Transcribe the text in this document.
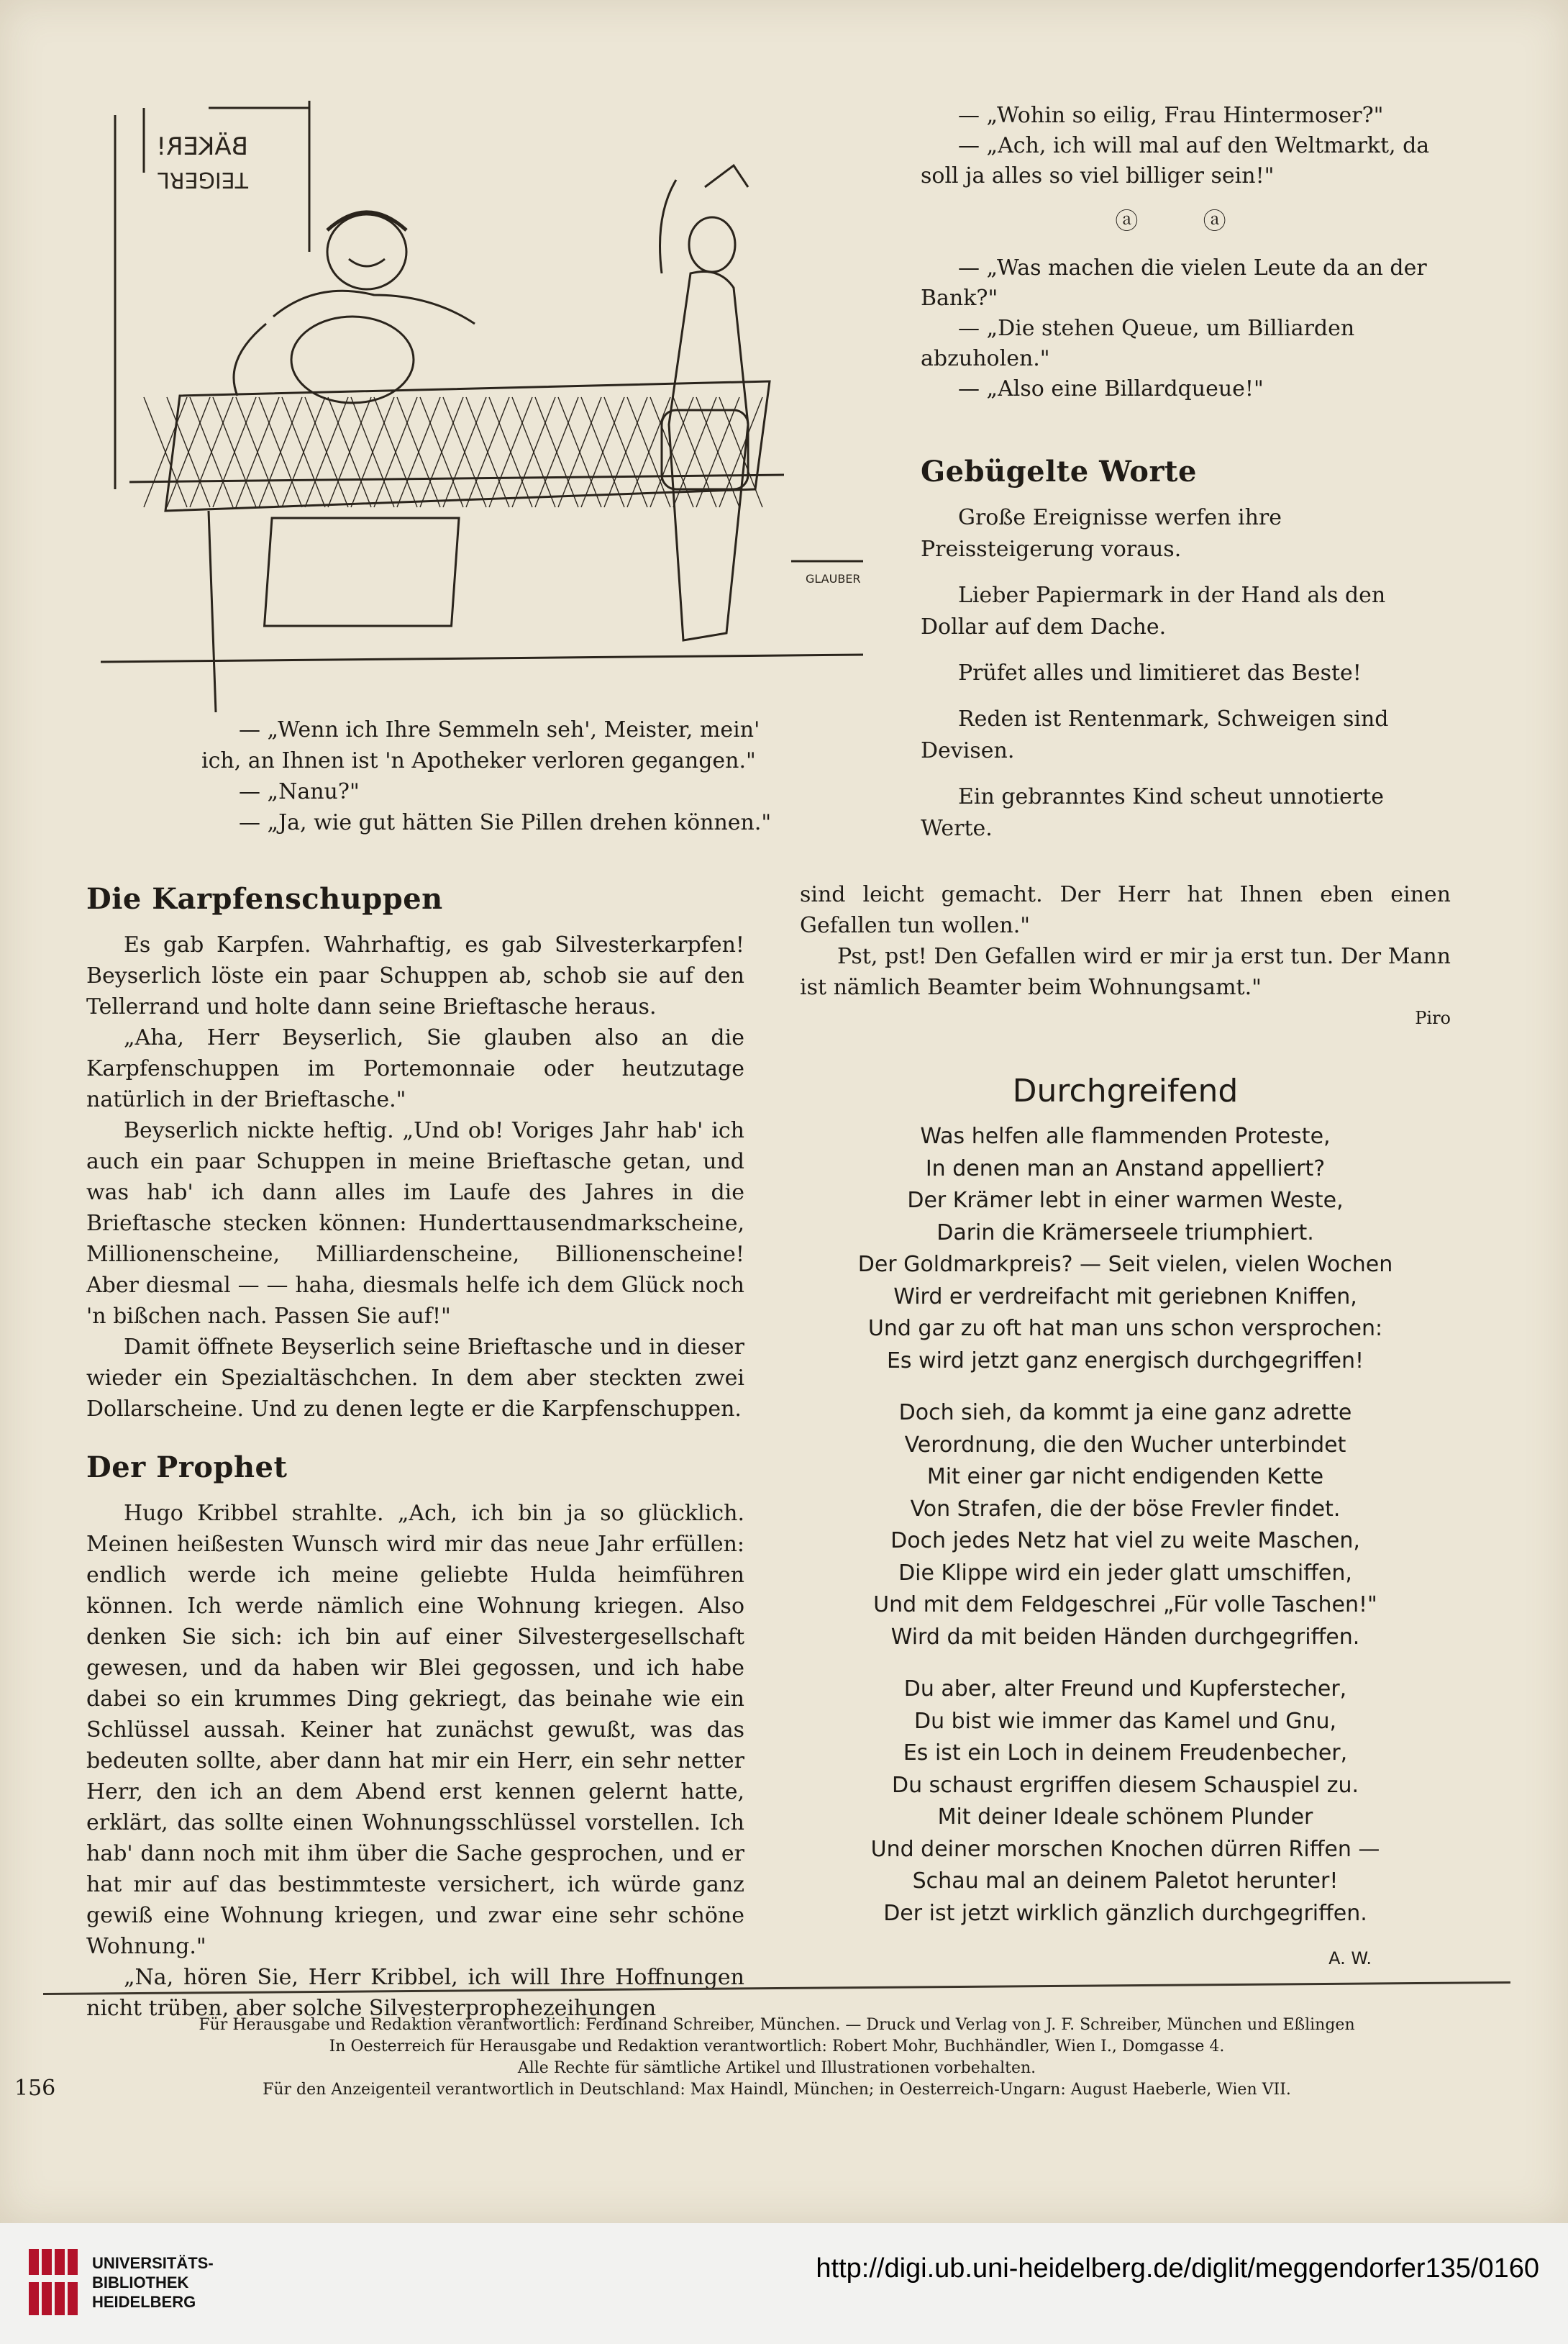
BÄKER!
TEIGERL
GLAUBER

— „Wenn ich Ihre Semmeln seh', Meister, mein' ich, an Ihnen ist 'n Apotheker verloren gegangen."

— „Nanu?"

— „Ja, wie gut hätten Sie Pillen drehen können."

— „Wohin so eilig, Frau Hintermoser?"

— „Ach, ich will mal auf den Weltmarkt, da soll ja alles so viel billiger sein!"

ⓐ ⓐ

— „Was machen die vielen Leute da an der Bank?"

— „Die stehen Queue, um Billiarden abzuholen."

— „Also eine Billardqueue!"

Gebügelte Worte

Große Ereignisse werfen ihre Preissteigerung voraus.

Lieber Papiermark in der Hand als den Dollar auf dem Dache.

Prüfet alles und limitieret das Beste!

Reden ist Rentenmark, Schweigen sind Devisen.

Ein gebranntes Kind scheut unnotierte Werte.

Die Karpfenschuppen

Es gab Karpfen. Wahrhaftig, es gab Silvesterkarpfen! Beyserlich löste ein paar Schuppen ab, schob sie auf den Tellerrand und holte dann seine Brieftasche heraus.

„Aha, Herr Beyserlich, Sie glauben also an die Karpfenschuppen im Portemonnaie oder heutzutage natürlich in der Brieftasche."

Beyserlich nickte heftig. „Und ob! Voriges Jahr hab' ich auch ein paar Schuppen in meine Brieftasche getan, und was hab' ich dann alles im Laufe des Jahres in die Brieftasche stecken können: Hunderttausendmarkscheine, Millionenscheine, Milliardenscheine, Billionenscheine! Aber diesmal — — haha, diesmals helfe ich dem Glück noch 'n bißchen nach. Passen Sie auf!"

Damit öffnete Beyserlich seine Brieftasche und in dieser wieder ein Spezialtäschchen. In dem aber steckten zwei Dollarscheine. Und zu denen legte er die Karpfenschuppen.

Der Prophet

Hugo Kribbel strahlte. „Ach, ich bin ja so glücklich. Meinen heißesten Wunsch wird mir das neue Jahr erfüllen: endlich werde ich meine geliebte Hulda heimführen können. Ich werde nämlich eine Wohnung kriegen. Also denken Sie sich: ich bin auf einer Silvestergesellschaft gewesen, und da haben wir Blei gegossen, und ich habe dabei so ein krummes Ding gekriegt, das beinahe wie ein Schlüssel aussah. Keiner hat zunächst gewußt, was das bedeuten sollte, aber dann hat mir ein Herr, ein sehr netter Herr, den ich an dem Abend erst kennen gelernt hatte, erklärt, das sollte einen Wohnungsschlüssel vorstellen. Ich hab' dann noch mit ihm über die Sache gesprochen, und er hat mir auf das bestimmteste versichert, ich würde ganz gewiß eine Wohnung kriegen, und zwar eine sehr schöne Wohnung."

„Na, hören Sie, Herr Kribbel, ich will Ihre Hoffnungen nicht trüben, aber solche Silvesterprophezeihungen

sind leicht gemacht. Der Herr hat Ihnen eben einen Gefallen tun wollen."

Pst, pst! Den Gefallen wird er mir ja erst tun. Der Mann ist nämlich Beamter beim Wohnungsamt."

Piro

Durchgreifend

Was helfen alle flammenden Proteste,

In denen man an Anstand appelliert?

Der Krämer lebt in einer warmen Weste,

Darin die Krämerseele triumphiert.

Der Goldmarkpreis? — Seit vielen, vielen Wochen

Wird er verdreifacht mit geriebnen Kniffen,

Und gar zu oft hat man uns schon versprochen:

Es wird jetzt ganz energisch durchgegriffen!

Doch sieh, da kommt ja eine ganz adrette

Verordnung, die den Wucher unterbindet

Mit einer gar nicht endigenden Kette

Von Strafen, die der böse Frevler findet.

Doch jedes Netz hat viel zu weite Maschen,

Die Klippe wird ein jeder glatt umschiffen,

Und mit dem Feldgeschrei „Für volle Taschen!"

Wird da mit beiden Händen durchgegriffen.

Du aber, alter Freund und Kupferstecher,

Du bist wie immer das Kamel und Gnu,

Es ist ein Loch in deinem Freudenbecher,

Du schaust ergriffen diesem Schauspiel zu.

Mit deiner Ideale schönem Plunder

Und deiner morschen Knochen dürren Riffen —

Schau mal an deinem Paletot herunter!

Der ist jetzt wirklich gänzlich durchgegriffen.

A. W.

Für Herausgabe und Redaktion verantwortlich: Ferdinand Schreiber, München. — Druck und Verlag von J. F. Schreiber, München und Eßlingen

In Oesterreich für Herausgabe und Redaktion verantwortlich: Robert Mohr, Buchhändler, Wien I., Domgasse 4.

Alle Rechte für sämtliche Artikel und Illustrationen vorbehalten.

Für den Anzeigenteil verantwortlich in Deutschland: Max Haindl, München; in Oesterreich-Ungarn: August Haeberle, Wien VII.

156
UNIVERSITÄTS-
BIBLIOTHEK
HEIDELBERG
http://digi.ub.uni-heidelberg.de/diglit/meggendorfer135/0160
